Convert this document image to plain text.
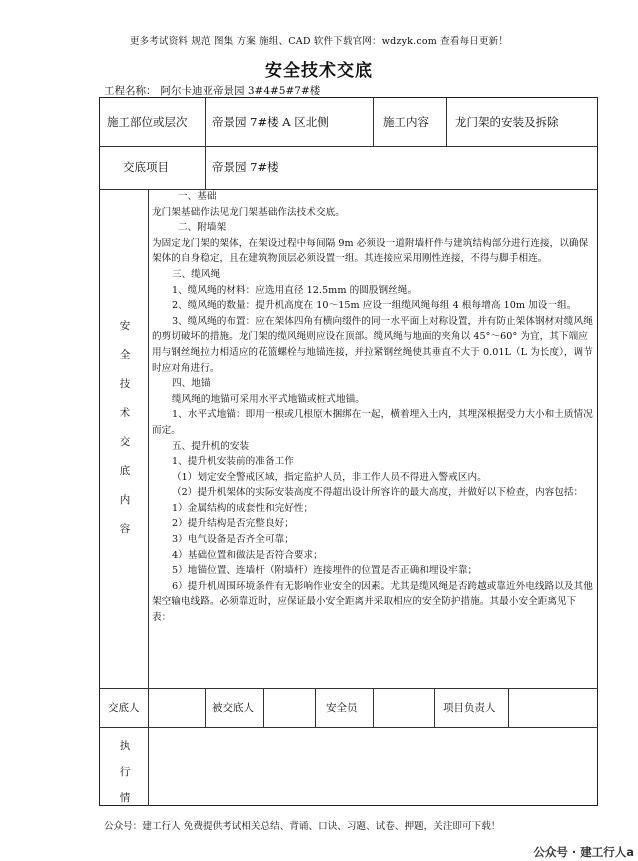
更多考试资料 规范 图集 方案 施组、CAD 软件下载官网：wdzyk.com 查看每日更新！
安全技术交底
工程名称： 阿尔卡迪亚帝景园 3#4#5#7#楼
施工部位或层次 帝景园 7#楼 A 区北侧	施工内容 龙门架的安装及拆除
交底项目	帝景园 7#楼
安
全
技
术
交
底
内
容

一、基础

龙门架基础作法见龙门架基础作法技术交底。

二、附墙架

为固定龙门架的架体，在架设过程中每间隔 9m 必须设一道附墙杆件与建筑结构部分进行连接，以确保架体的自身稳定，且在建筑物顶层必须设置一组。其连接应采用刚性连接，不得与脚手相连。

三、缆风绳

1、缆风绳的材料：应选用直径 12.5mm 的圆股钢丝绳。

2、缆风绳的数量：提升机高度在 10～15m 应设一组缆风绳每组 4 根每增高 10m 加设一组。

3、缆风绳的布置：应在架体四角有横向缀件的同一水平面上对称设置，并有防止架体钢材对缆风绳的剪切破坏的措施。龙门架的缆风绳则应设在顶部。缆风绳与地面的夹角以 45°～60° 为宜，其下端应用与钢丝绳拉力相适应的花篮螺栓与地锚连接，并拉紧钢丝绳使其垂直不大于 0.01L（L 为长度），调节时应对角进行。

四、地锚

缆风绳的地锚可采用水平式地锚或桩式地锚。

1、水平式地锚：即用一根或几根原木捆绑在一起，横着埋入土内，其埋深根据受力大小和土质情况而定。

五、提升机的安装

1、提升机安装前的准备工作

（1）划定安全警戒区域，指定监护人员，非工作人员不得进入警戒区内。

（2）提升机架体的实际安装高度不得超出设计所容许的最大高度，并做好以下检查，内容包括：

1）金属结构的成套性和完好性；

2）提升结构是否完整良好；

3）电气设备是否齐全可靠；

4）基础位置和做法是否符合要求；

5）地锚位置、连墙杆（附墙杆）连接埋件的位置是否正确和埋设牢靠；

6）提升机周围环境条件有无影响作业安全的因素。尤其是缆风绳是否跨越或靠近外电线路以及其他架空输电线路。必须靠近时，应保证最小安全距离并采取相应的安全防护措施。其最小安全距离见下表：

交底人	被交底人	安全员	项目负责人
执
行
情
公众号：建工行人 免费提供考试相关总结、背诵、口诀、习题、试卷、押题，关注即可下载！
公众号 · 建工行人a
